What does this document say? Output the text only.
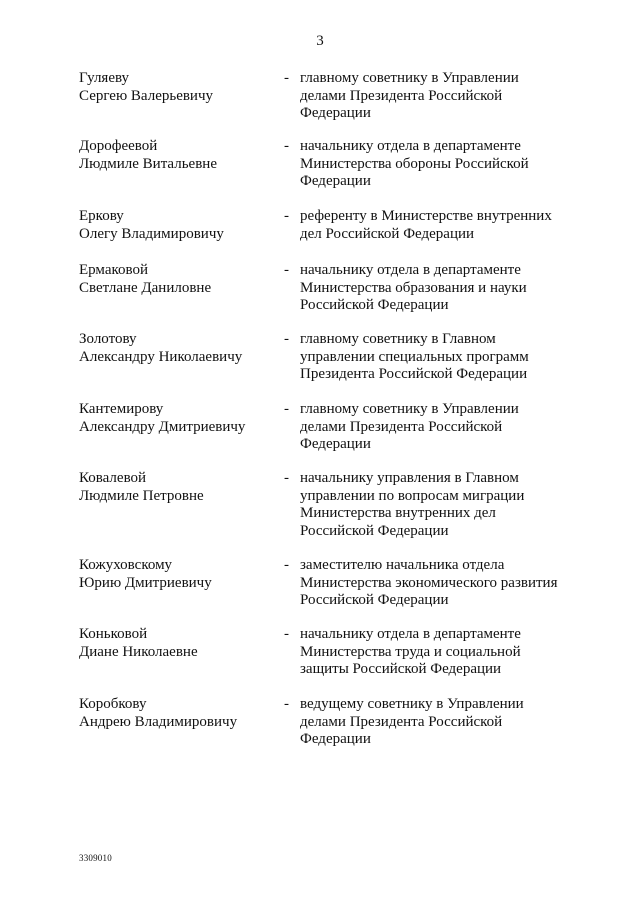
3
Гуляеву
Сергею Валерьевичу
- главному советнику в Управлении
делами Президента Российской
Федерации
Дорофеевой
Людмиле Витальевне
- начальнику отдела в департаменте
Министерства обороны Российской
Федерации
Еркову
Олегу Владимировичу
- референту в Министерстве внутренних
дел Российской Федерации
Ермаковой
Светлане Даниловне
- начальнику отдела в департаменте
Министерства образования и науки
Российской Федерации
Золотову
Александру Николаевичу
- главному советнику в Главном
управлении специальных программ
Президента Российской Федерации
Кантемирову
Александру Дмитриевичу
- главному советнику в Управлении
делами Президента Российской
Федерации
Ковалевой
Людмиле Петровне
- начальнику управления в Главном
управлении по вопросам миграции
Министерства внутренних дел
Российской Федерации
Кожуховскому
Юрию Дмитриевичу
- заместителю начальника отдела
Министерства экономического развития
Российской Федерации
Коньковой
Диане Николаевне
- начальнику отдела в департаменте
Министерства труда и социальной
защиты Российской Федерации
Коробкову
Андрею Владимировичу
- ведущему советнику в Управлении
делами Президента Российской
Федерации
3309010
